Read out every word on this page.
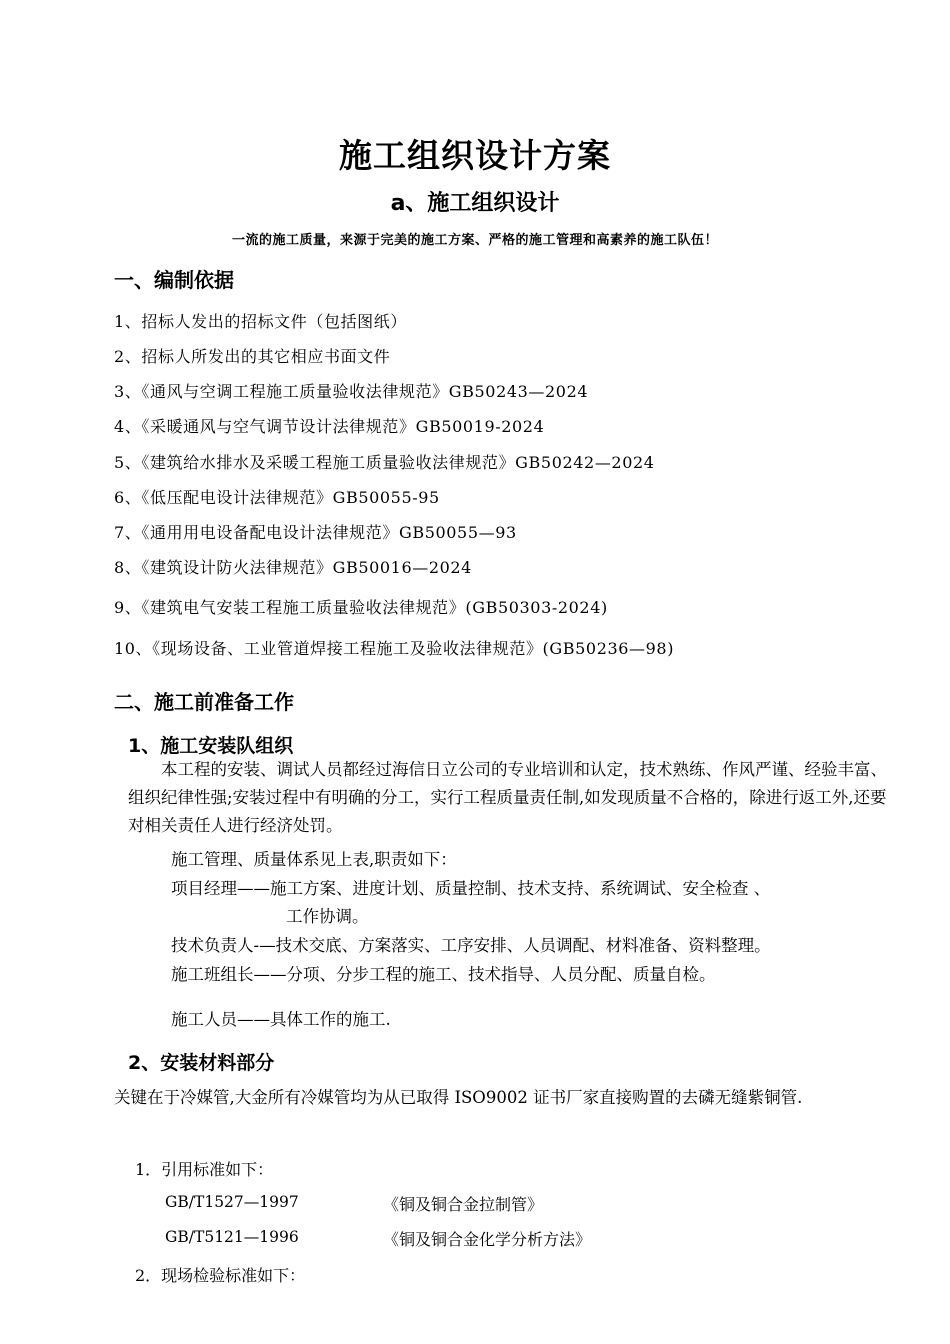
施工组织设计方案
a、施工组织设计
一流的施工质量，来源于完美的施工方案、严格的施工管理和高素养的施工队伍！
一、编制依据
1、招标人发出的招标文件（包括图纸）
2、招标人所发出的其它相应书面文件
3、《通风与空调工程施工质量验收法律规范》GB50243—2024
4、《采暖通风与空气调节设计法律规范》GB50019-2024
5、《建筑给水排水及采暖工程施工质量验收法律规范》GB50242—2024
6、《低压配电设计法律规范》GB50055-95
7、《通用用电设备配电设计法律规范》GB50055—93
8、《建筑设计防火法律规范》GB50016—2024
9、《建筑电气安装工程施工质量验收法律规范》(GB50303-2024)
10、《现场设备、工业管道焊接工程施工及验收法律规范》(GB50236—98)
二、施工前准备工作
1、施工安装队组织
本工程的安装、调试人员都经过海信日立公司的专业培训和认定，技术熟练、作风严谨、经验丰富、组织纪律性强;安装过程中有明确的分工，实行工程质量责任制,如发现质量不合格的，除进行返工外,还要对相关责任人进行经济处罚。
施工管理、质量体系见上表,职责如下：
项目经理——施工方案、进度计划、质量控制、技术支持、系统调试、安全检查 、
工作协调。
技术负责人-—技术交底、方案落实、工序安排、人员调配、材料准备、资料整理。
施工班组长——分项、分步工程的施工、技术指导、人员分配、质量自检。
施工人员——具体工作的施工.
2、安装材料部分
关键在于冷媒管,大金所有冷媒管均为从已取得 ISO9002 证书厂家直接购置的去磷无缝紫铜管.
1．引用标准如下：
GB/T1527—1997	《铜及铜合金拉制管》
GB/T5121—1996	《铜及铜合金化学分析方法》
2．现场检验标准如下：
